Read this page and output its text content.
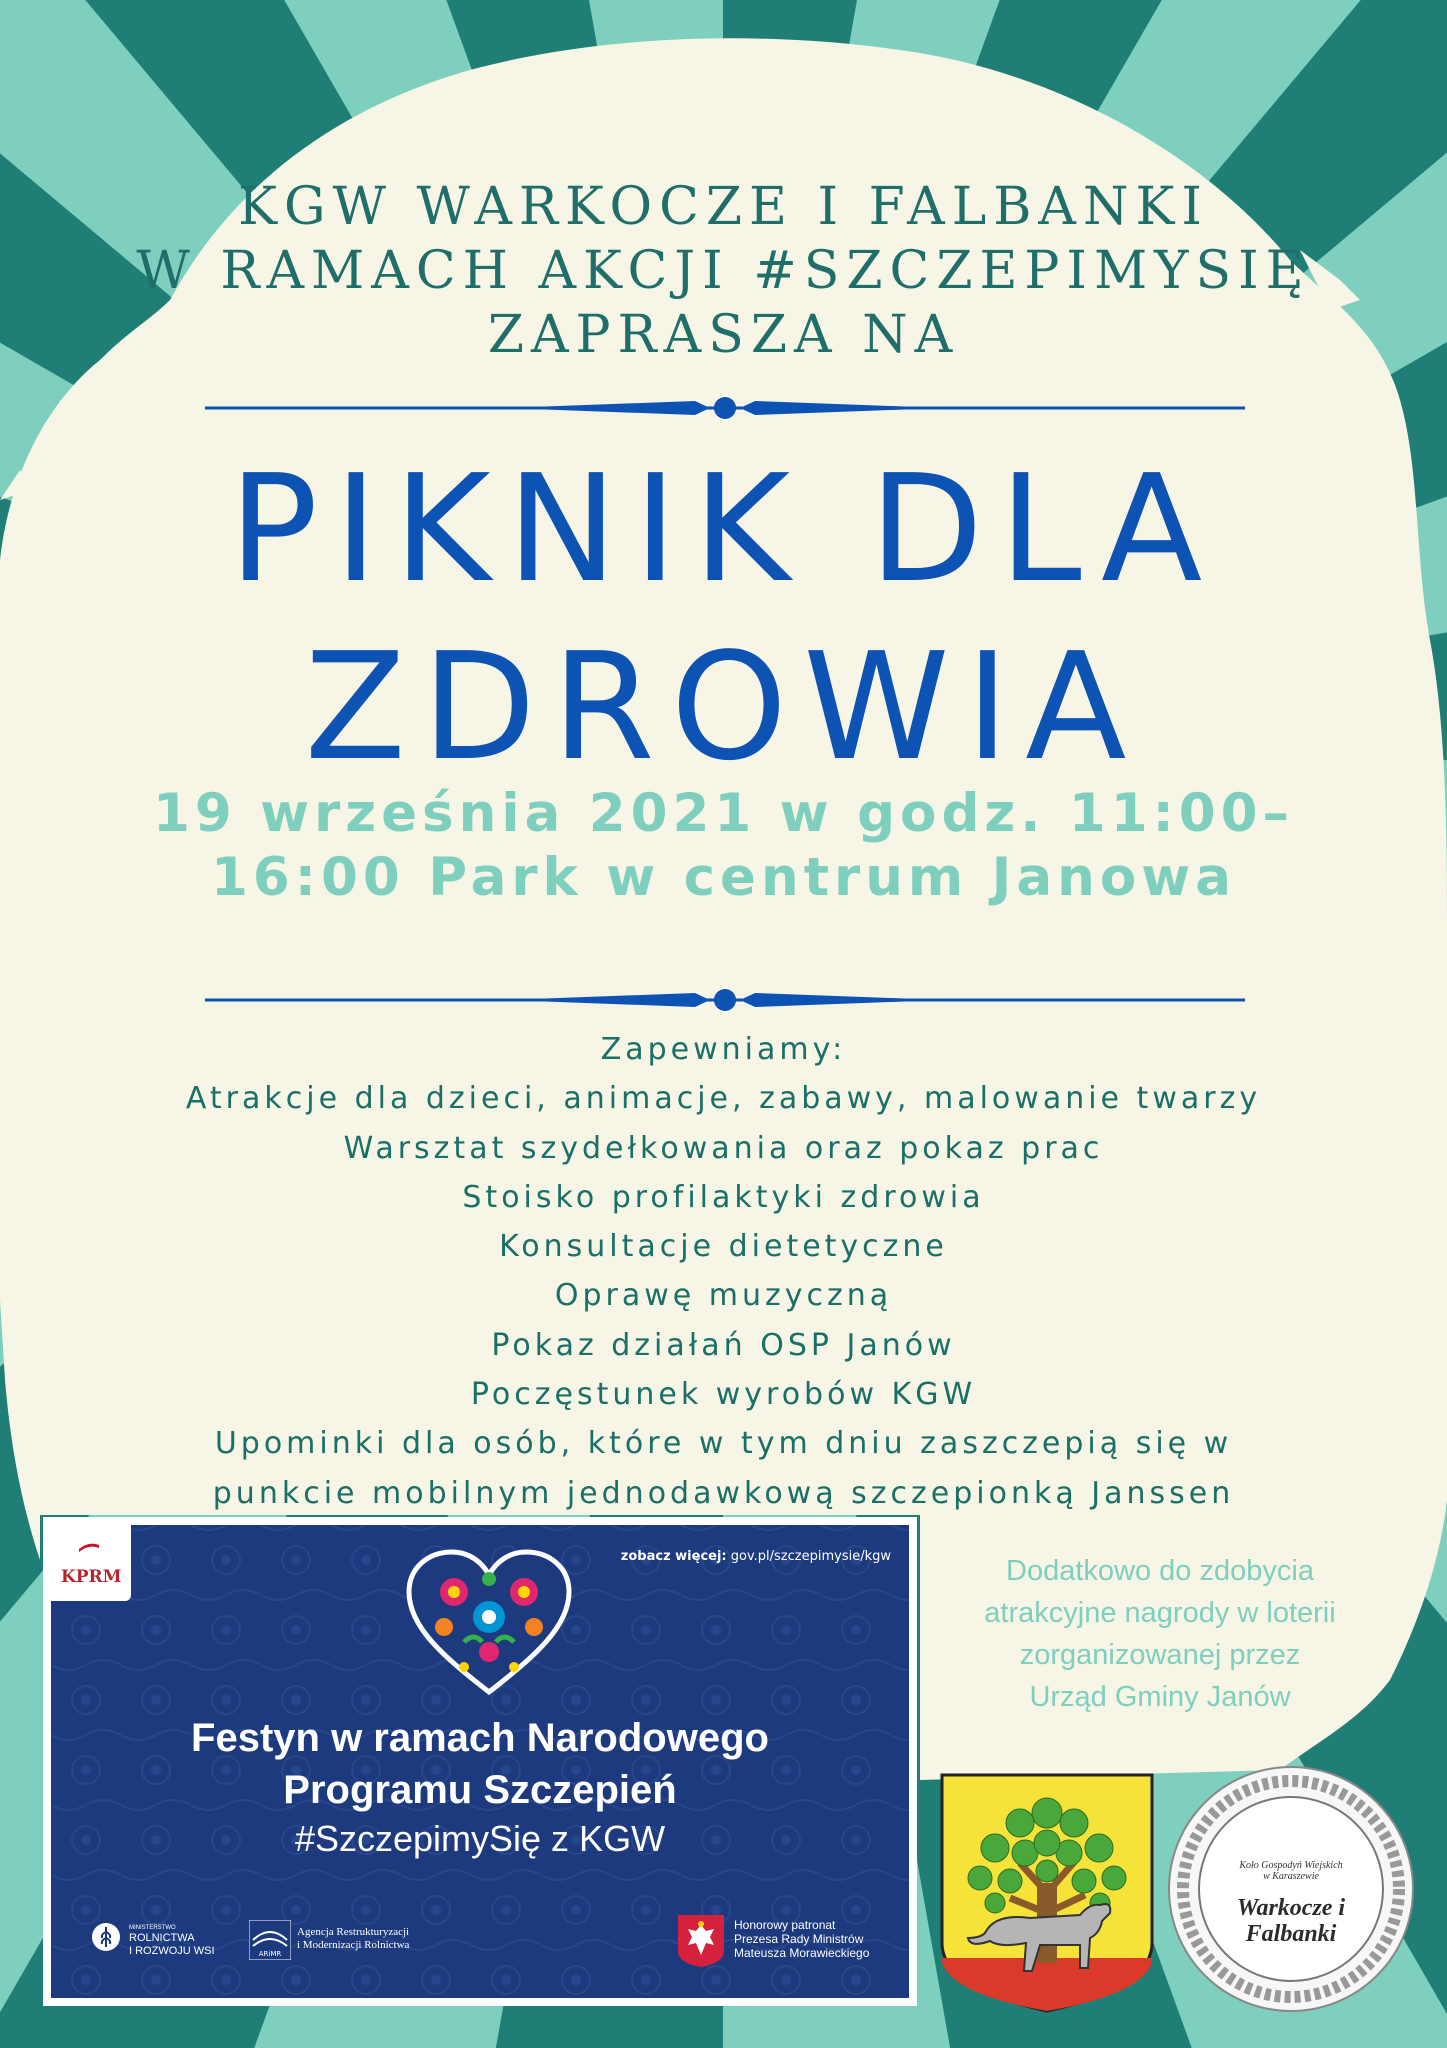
KGW WARKOCZE I FALBANKI
W RAMACH AKCJI #SZCZEPIMYSIĘ
ZAPRASZA NA
PIKNIK DLA
ZDROWIA
19 września 2021 w godz. 11:00–
16:00 Park w centrum Janowa
Zapewniamy:
Atrakcje dla dzieci, animacje, zabawy, malowanie twarzy
Warsztat szydełkowania oraz pokaz prac
Stoisko profilaktyki zdrowia
Konsultacje dietetyczne
Oprawę muzyczną
Pokaz działań OSP Janów
Poczęstunek wyrobów KGW
Upominki dla osób, które w tym dniu zaszczepią się w
punkcie mobilnym jednodawkową szczepionką Janssen
KPRM
zobacz więcej: gov.pl/szczepimysie/kgw
Festyn w ramach Narodowego
Programu Szczepień
#SzczepimySię z KGW
MINISTERSTWO
ROLNICTWA
I ROZWOJU WSI	ARiMR
Agencja Restrukturyzacji
i Modernizacji Rolnictwa
Honorowy patronat
Prezesa Rady Ministrów
Mateusza Morawieckiego
Dodatkowo do zdobycia
atrakcyjne nagrody w loterii
zorganizowanej przez
Urząd Gminy Janów
Koło Gospodyń Wiejskich
w Karaszewie
Warkocze i
Falbanki
